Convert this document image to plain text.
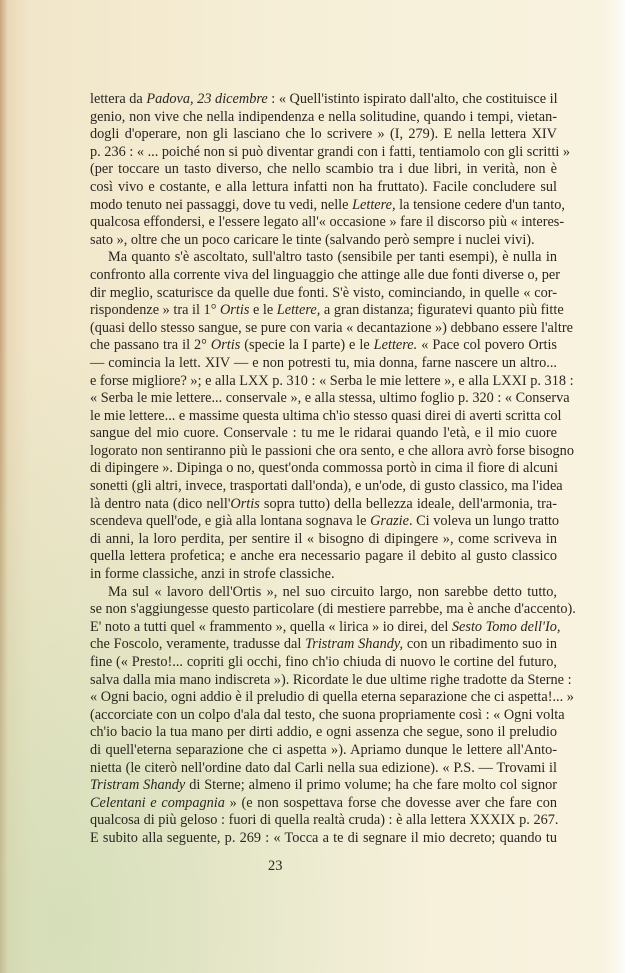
lettera da Padova, 23 dicembre : « Quell'istinto ispirato dall'alto, che costituisce il
genio, non vive che nella indipendenza e nella solitudine, quando i tempi, vietan-
dogli d'operare, non gli lasciano che lo scrivere » (I, 279). E nella lettera XIV
p. 236 : « ... poiché non si può diventar grandi con i fatti, tentiamolo con gli scritti »
(per toccare un tasto diverso, che nello scambio tra i due libri, in verità, non è
così vivo e costante, e alla lettura infatti non ha fruttato). Facile concludere sul
modo tenuto nei passaggi, dove tu vedi, nelle Lettere, la tensione cedere d'un tanto,
qualcosa effondersi, e l'essere legato all'« occasione » fare il discorso più « interes-
sato », oltre che un poco caricare le tinte (salvando però sempre i nuclei vivi).
Ma quanto s'è ascoltato, sull'altro tasto (sensibile per tanti esempi), è nulla in
confronto alla corrente viva del linguaggio che attinge alle due fonti diverse o, per
dir meglio, scaturisce da quelle due fonti. S'è visto, cominciando, in quelle « cor-
rispondenze » tra il 1° Ortis e le Lettere, a gran distanza; figuratevi quanto più fitte
(quasi dello stesso sangue, se pure con varia « decantazione ») debbano essere l'altre
che passano tra il 2° Ortis (specie la I parte) e le Lettere. « Pace col povero Ortis
— comincia la lett. XIV — e non potresti tu, mia donna, farne nascere un altro...
e forse migliore? »; e alla LXX p. 310 : « Serba le mie lettere », e alla LXXI p. 318 :
« Serba le mie lettere... conservale », e alla stessa, ultimo foglio p. 320 : « Conserva
le mie lettere... e massime questa ultima ch'io stesso quasi direi di averti scritta col
sangue del mio cuore. Conservale : tu me le ridarai quando l'età, e il mio cuore
logorato non sentiranno più le passioni che ora sento, e che allora avrò forse bisogno
di dipingere ». Dipinga o no, quest'onda commossa portò in cima il fiore di alcuni
sonetti (gli altri, invece, trasportati dall'onda), e un'ode, di gusto classico, ma l'idea
là dentro nata (dico nell'Ortis sopra tutto) della bellezza ideale, dell'armonia, tra-
scendeva quell'ode, e già alla lontana sognava le Grazie. Ci voleva un lungo tratto
di anni, la loro perdita, per sentire il « bisogno di dipingere », come scriveva in
quella lettera profetica; e anche era necessario pagare il debito al gusto classico
in forme classiche, anzi in strofe classiche.
Ma sul « lavoro dell'Ortis », nel suo circuito largo, non sarebbe detto tutto,
se non s'aggiungesse questo particolare (di mestiere parrebbe, ma è anche d'accento).
E' noto a tutti quel « frammento », quella « lirica » io direi, del Sesto Tomo dell'Io,
che Foscolo, veramente, tradusse dal Tristram Shandy, con un ribadimento suo in
fine (« Presto!... copriti gli occhi, fino ch'io chiuda di nuovo le cortine del futuro,
salva dalla mia mano indiscreta »). Ricordate le due ultime righe tradotte da Sterne :
« Ogni bacio, ogni addio è il preludio di quella eterna separazione che ci aspetta!... »
(accorciate con un colpo d'ala dal testo, che suona propriamente così : « Ogni volta
ch'io bacio la tua mano per dirti addio, e ogni assenza che segue, sono il preludio
di quell'eterna separazione che ci aspetta »). Apriamo dunque le lettere all'Anto-
nietta (le citerò nell'ordine dato dal Carli nella sua edizione). « P.S. — Trovami il
Tristram Shandy di Sterne; almeno il primo volume; ha che fare molto col signor
Celentani e compagnia » (e non sospettava forse che dovesse aver che fare con
qualcosa di più geloso : fuori di quella realtà cruda) : è alla lettera XXXIX p. 267.
E subito alla seguente, p. 269 : « Tocca a te di segnare il mio decreto; quando tu
23
